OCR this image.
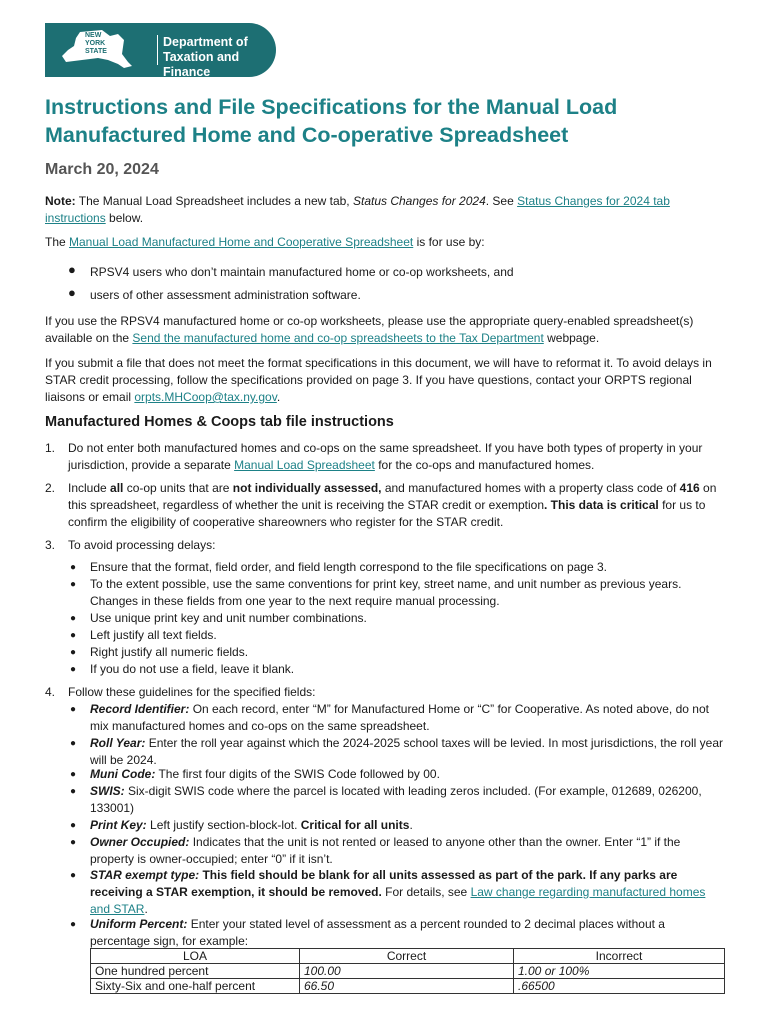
NEW
YORK
STATE
Department of
Taxation and Finance
Instructions and File Specifications for the Manual Load Manufactured Home and Co-operative Spreadsheet

March 20, 2024

Note: The Manual Load Spreadsheet includes a new tab, Status Changes for 2024. See Status Changes for 2024 tab instructions below.

The Manual Load Manufactured Home and Cooperative Spreadsheet is for use by:

● RPSV4 users who don’t maintain manufactured home or co-op worksheets, and
● users of other assessment administration software.

If you use the RPSV4 manufactured home or co-op worksheets, please use the appropriate query-enabled spreadsheet(s) available on the Send the manufactured home and co-op spreadsheets to the Tax Department webpage.

If you submit a file that does not meet the format specifications in this document, we will have to reformat it. To avoid delays in STAR credit processing, follow the specifications provided on page 3. If you have questions, contact your ORPTS regional liaisons or email orpts.MHCoop@tax.ny.gov.

Manufactured Homes & Coops tab file instructions
1. Do not enter both manufactured homes and co-ops on the same spreadsheet. If you have both types of property in your jurisdiction, provide a separate Manual Load Spreadsheet for the co-ops and manufactured homes.

2. Include all co-op units that are not individually assessed, and manufactured homes with a property class code of 416 on this spreadsheet, regardless of whether the unit is receiving the STAR credit or exemption. This data is critical for us to confirm the eligibility of cooperative shareowners who register for the STAR credit.

3. To avoid processing delays:

● Ensure that the format, field order, and field length correspond to the file specifications on page 3.

● To the extent possible, use the same conventions for print key, street name, and unit number as previous years. Changes in these fields from one year to the next require manual processing.

● Use unique print key and unit number combinations.

● Left justify all text fields.

● Right justify all numeric fields.

● If you do not use a field, leave it blank.

4. Follow these guidelines for the specified fields:

● Record Identifier: On each record, enter “M” for Manufactured Home or “C” for Cooperative. As noted above, do not mix manufactured homes and co-ops on the same spreadsheet.

● Roll Year: Enter the roll year against which the 2024-2025 school taxes will be levied. In most jurisdictions, the roll year will be 2024.

● Muni Code: The first four digits of the SWIS Code followed by 00.

● SWIS: Six-digit SWIS code where the parcel is located with leading zeros included. (For example, 012689, 026200, 133001)

● Print Key: Left justify section-block-lot. Critical for all units.

● Owner Occupied: Indicates that the unit is not rented or leased to anyone other than the owner. Enter “1” if the property is owner-occupied; enter “0” if it isn’t.

● STAR exempt type: This field should be blank for all units assessed as part of the park. If any parks are receiving a STAR exemption, it should be removed. For details, see Law change regarding manufactured homes and STAR.

● Uniform Percent: Enter your stated level of assessment as a percent rounded to 2 decimal places without a percentage sign, for example:

LOA	Correct	Incorrect
One hundred percent	100.00	1.00 or 100%
Sixty-Six and one-half percent	66.50	.66500
